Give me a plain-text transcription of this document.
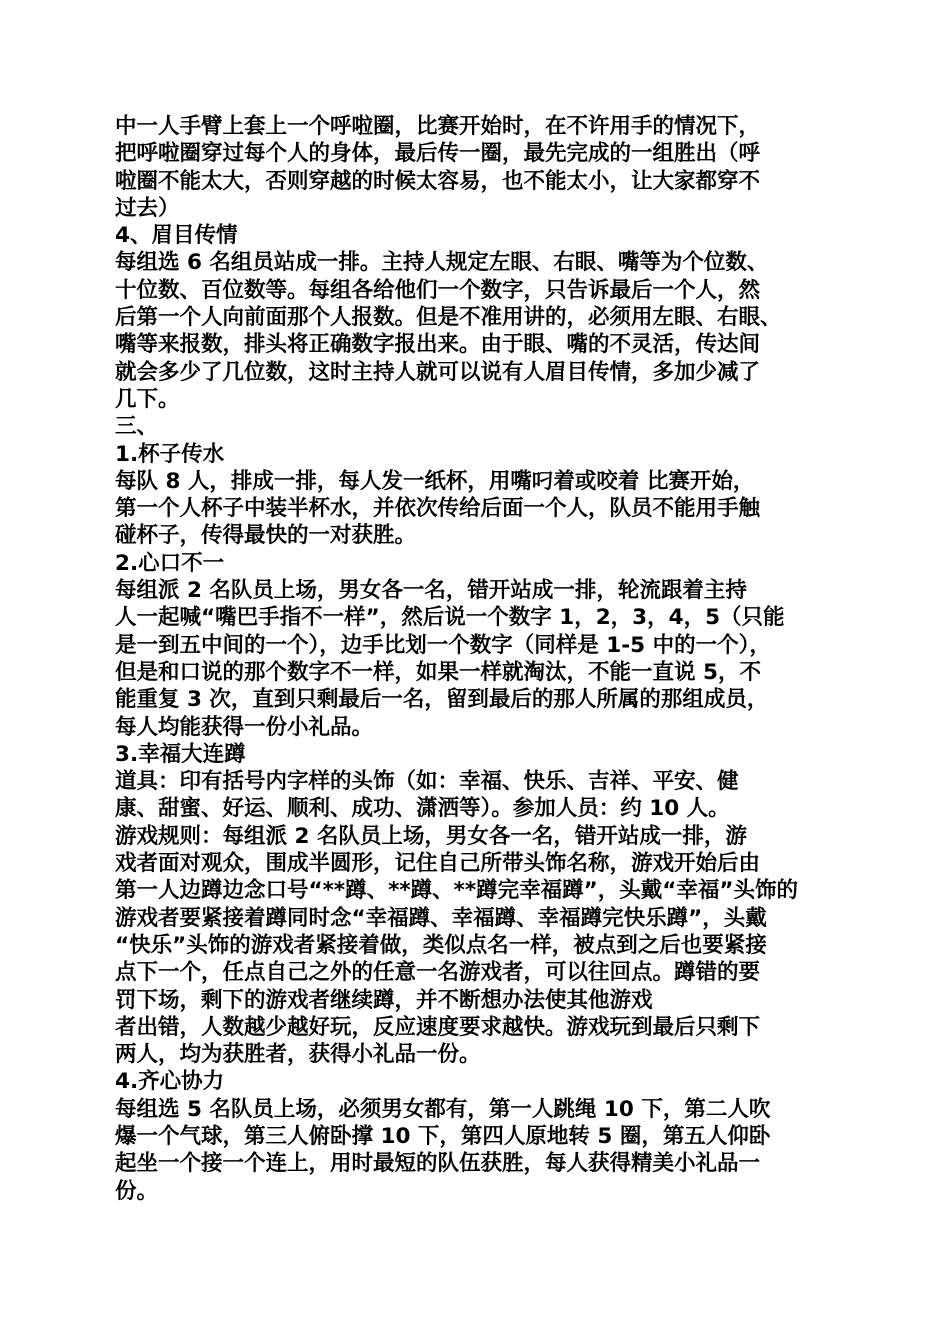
中一人手臂上套上一个呼啦圈，比赛开始时，在不许用手的情况下，
把呼啦圈穿过每个人的身体，最后传一圈，最先完成的一组胜出（呼
啦圈不能太大，否则穿越的时候太容易，也不能太小，让大家都穿不
过去）
4、眉目传情
每组选 6 名组员站成一排。主持人规定左眼、右眼、嘴等为个位数、
十位数、百位数等。每组各给他们一个数字，只告诉最后一个人，然
后第一个人向前面那个人报数。但是不准用讲的，必须用左眼、右眼、
嘴等来报数，排头将正确数字报出来。由于眼、嘴的不灵活，传达间
就会多少了几位数，这时主持人就可以说有人眉目传情，多加少减了
几下。
三、
1.杯子传水
每队 8 人，排成一排，每人发一纸杯，用嘴叼着或咬着 比赛开始，
第一个人杯子中装半杯水，并依次传给后面一个人，队员不能用手触
碰杯子，传得最快的一对获胜。
2.心口不一
每组派 2 名队员上场，男女各一名，错开站成一排，轮流跟着主持
人一起喊“嘴巴手指不一样”，然后说一个数字 1，2，3，4，5（只能
是一到五中间的一个），边手比划一个数字（同样是 1-5 中的一个），
但是和口说的那个数字不一样，如果一样就淘汰，不能一直说 5，不
能重复 3 次，直到只剩最后一名，留到最后的那人所属的那组成员，
每人均能获得一份小礼品。
3.幸福大连蹲
道具：印有括号内字样的头饰（如：幸福、快乐、吉祥、平安、健
康、甜蜜、好运、顺利、成功、潇洒等）。参加人员：约 10 人。
游戏规则：每组派 2 名队员上场，男女各一名，错开站成一排，游
戏者面对观众，围成半圆形，记住自己所带头饰名称，游戏开始后由
第一人边蹲边念口号“**蹲、**蹲、**蹲完幸福蹲”，头戴“幸福”头饰的
游戏者要紧接着蹲同时念“幸福蹲、幸福蹲、幸福蹲完快乐蹲”，头戴
“快乐”头饰的游戏者紧接着做，类似点名一样，被点到之后也要紧接
点下一个，任点自己之外的任意一名游戏者，可以往回点。蹲错的要
罚下场，剩下的游戏者继续蹲，并不断想办法使其他游戏
者出错，人数越少越好玩，反应速度要求越快。游戏玩到最后只剩下
两人，均为获胜者，获得小礼品一份。
4.齐心协力
每组选 5 名队员上场，必须男女都有，第一人跳绳 10 下，第二人吹
爆一个气球，第三人俯卧撑 10 下，第四人原地转 5 圈，第五人仰卧
起坐一个接一个连上，用时最短的队伍获胜，每人获得精美小礼品一
份。
